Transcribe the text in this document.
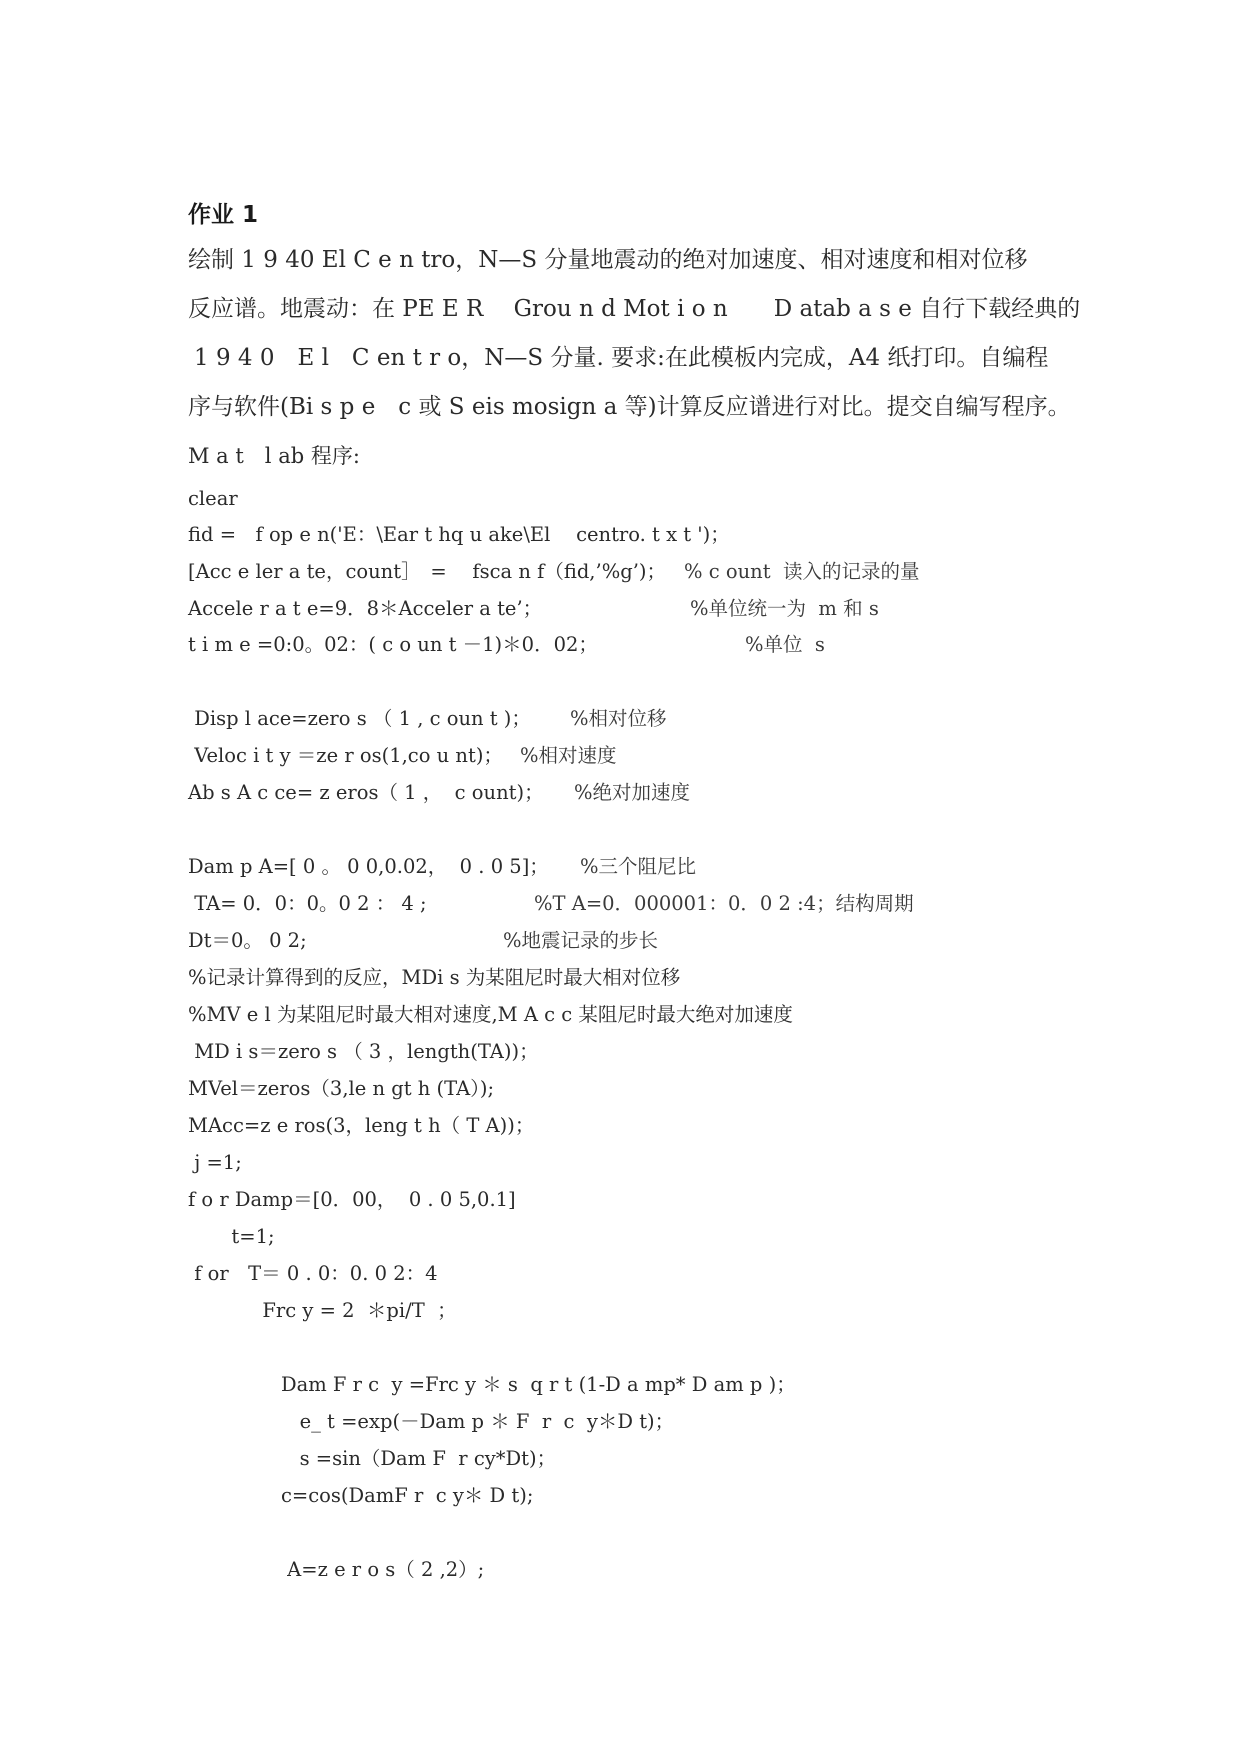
作业 1
绘制 1 9 40 El C e n tro，N—S 分量地震动的绝对加速度、相对速度和相对位移
反应谱。地震动：在 PE E R　 Grou n d Mot i o n　　D atab a s e 自行下载经典的
1 9 4 0　E l　C en t r o，N—S 分量. 要求:在此模板内完成，A4 纸打印。自编程
序与软件(Bi s p e　c 或 S eis mosign a 等)计算反应谱进行对比。提交自编写程序。
M a t　l ab 程序:
clear
fid =　f op e n('E：\Ear t hq u ake\El　 centro. t x t ')；
[Acc e ler a te，count］　=　 fsca n f（fid,’%g’)； % c ount  读入的记录的量
Accele r a t e=9．8＊Acceler a te’；	%单位统一为  m 和 s
t i m e =0:0。02：( c o un t －1)＊0．02；	%单位  s
Disp l ace=zero s （ 1 , c oun t )； %相对位移
Veloc i t y ＝ze r os(1,co u nt)； %相对速度
Ab s A c ce= z eros（ 1 ，  c ount)； %绝对加速度
Dam p A=[ 0 。 0 0,0.02，  0 . 0 5]； %三个阻尼比
TA= 0．0：0。0 2 ： 4 ;	%T A=0．000001：0．0 2 :4；结构周期
Dt＝0。 0 2;	%地震记录的步长
%记录计算得到的反应，MDi s 为某阻尼时最大相对位移
%MV e l 为某阻尼时最大相对速度,M A c c 某阻尼时最大绝对加速度
MD i s＝zero s （ 3 ，length(TA))；
MVel＝zeros（3,le n gt h (TA）);
MAcc=z e ros(3，leng t h（ T A))；
j =1;
f o r Damp＝[0．00，  0 . 0 5,0.1]
t=1;
f or　T＝ 0 . 0：0. 0 2：4
Frc y = 2  ＊pi/T  ；
Dam F r c  y =Frc y ＊ s  q r t (1-D a mp* D am p )；
e_ t =exp(－Dam p ＊ F  r  c  y＊D t)；
s =sin（Dam F  r cy*Dt)；
c=cos(DamF r  c y＊ D t);
A=z e r o s（ 2 ,2）;
